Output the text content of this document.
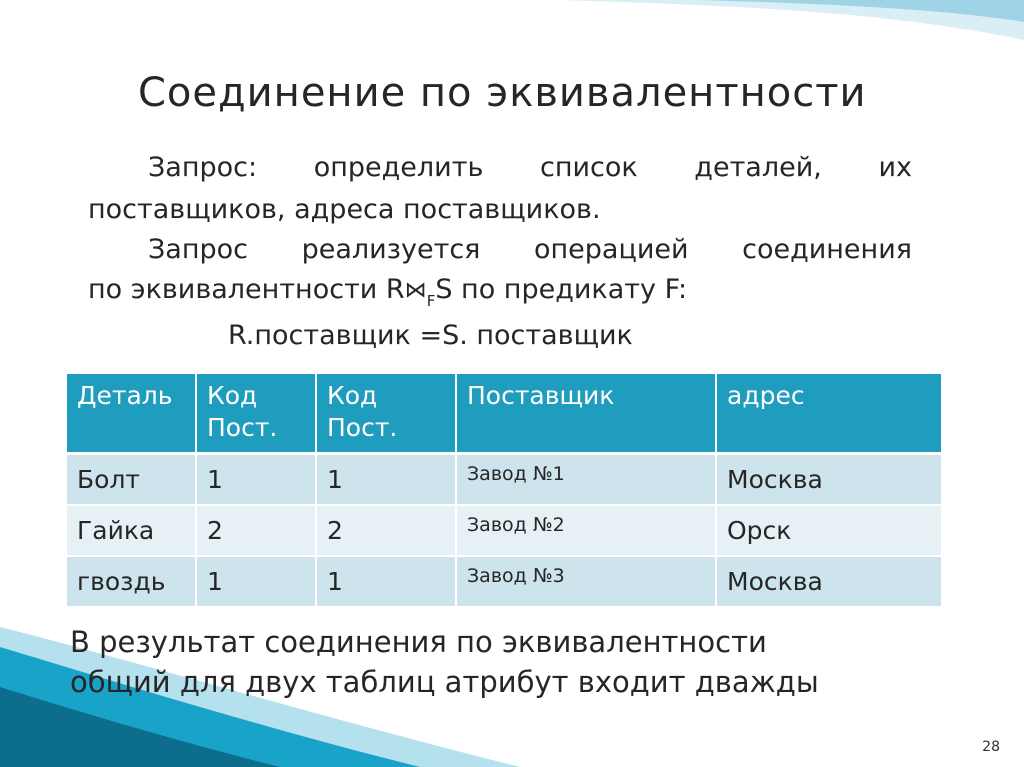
Соединение по эквивалентности
Запрос: определить список деталей, их
поставщиков, адреса поставщиков.
Запрос реализуется операцией соединения
по эквивалентности $R⋈_FS$ по предикату F:
R.поставщик =S. поставщик
Деталь	Код Пост.	Код Пост.	Поставщик	адрес
Болт	1	1	Завод №1	Москва
Гайка	2	2	Завод №2	Орск
гвоздь	1	1	Завод №3	Москва
В результат соединения по эквивалентности
общий для двух таблиц атрибут входит дважды
28
